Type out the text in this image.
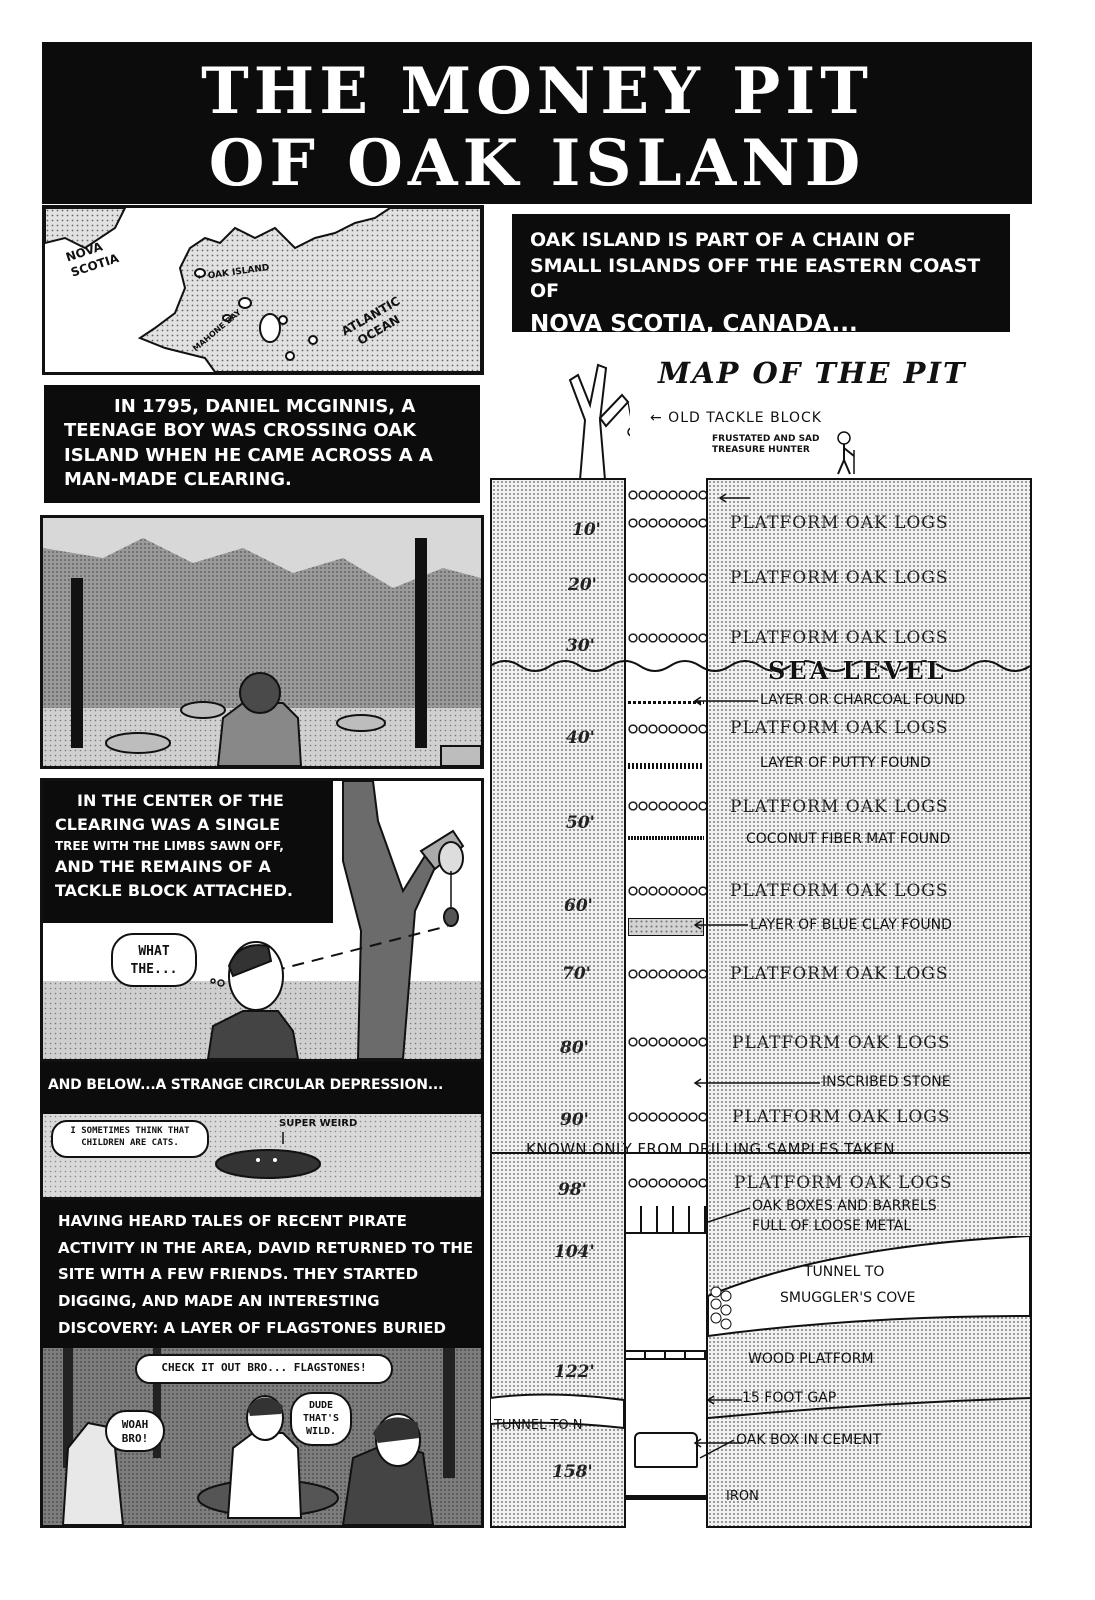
THE MONEY PIT
OF OAK ISLAND
NOVA SCOTIA	← OAK ISLAND
MAHONE BAY	ATLANTIC OCEAN
OAK ISLAND IS PART OF A CHAIN OF SMALL ISLANDS OFF THE EASTERN COAST OF
NOVA SCOTIA, CANADA...
IN 1795, DANIEL MCGINNIS, A TEENAGE BOY WAS CROSSING OAK ISLAND WHEN HE CAME ACROSS A A MAN-MADE CLEARING.
IN THE CENTER OF THE CLEARING WAS A SINGLE
TREE WITH THE LIMBS SAWN OFF,
AND THE REMAINS OF A TACKLE BLOCK ATTACHED.
WHAT THE...
AND BELOW...A STRANGE CIRCULAR DEPRESSION...
I SOMETIMES THINK THAT CHILDREN ARE CATS.
SUPER WEIRD
HAVING HEARD TALES OF RECENT PIRATE ACTIVITY IN THE AREA, DAVID RETURNED TO THE SITE WITH A FEW FRIENDS. THEY STARTED DIGGING, AND MADE AN INTERESTING DISCOVERY: A LAYER OF FLAGSTONES BURIED
CHECK IT OUT BRO... FLAGSTONES!
WOAH BRO!
DUDE THAT'S WILD.
MAP OF THE PIT
← OLD TACKLE BLOCK
FRUSTATED AND SAD TREASURE HUNTER
10'
20'
30'
40'
50'
60'
70'
80'
90'
98'
104'
122'
158'
PLATFORM OAK LOGS
PLATFORM OAK LOGS
PLATFORM OAK LOGS
SEA LEVEL
LAYER OR CHARCOAL FOUND
PLATFORM OAK LOGS
LAYER OF PUTTY FOUND
PLATFORM OAK LOGS
COCONUT FIBER MAT FOUND
PLATFORM OAK LOGS
LAYER OF BLUE CLAY FOUND
PLATFORM OAK LOGS
PLATFORM OAK LOGS
INSCRIBED STONE
PLATFORM OAK LOGS
KNOWN ONLY FROM DRILLING SAMPLES TAKEN
PLATFORM OAK LOGS
OAK BOXES AND BARRELS
FULL OF LOOSE METAL
TUNNEL TO
SMUGGLER'S COVE
WOOD PLATFORM
15 FOOT GAP
TUNNEL TO N
OAK BOX IN CEMENT
IRON
